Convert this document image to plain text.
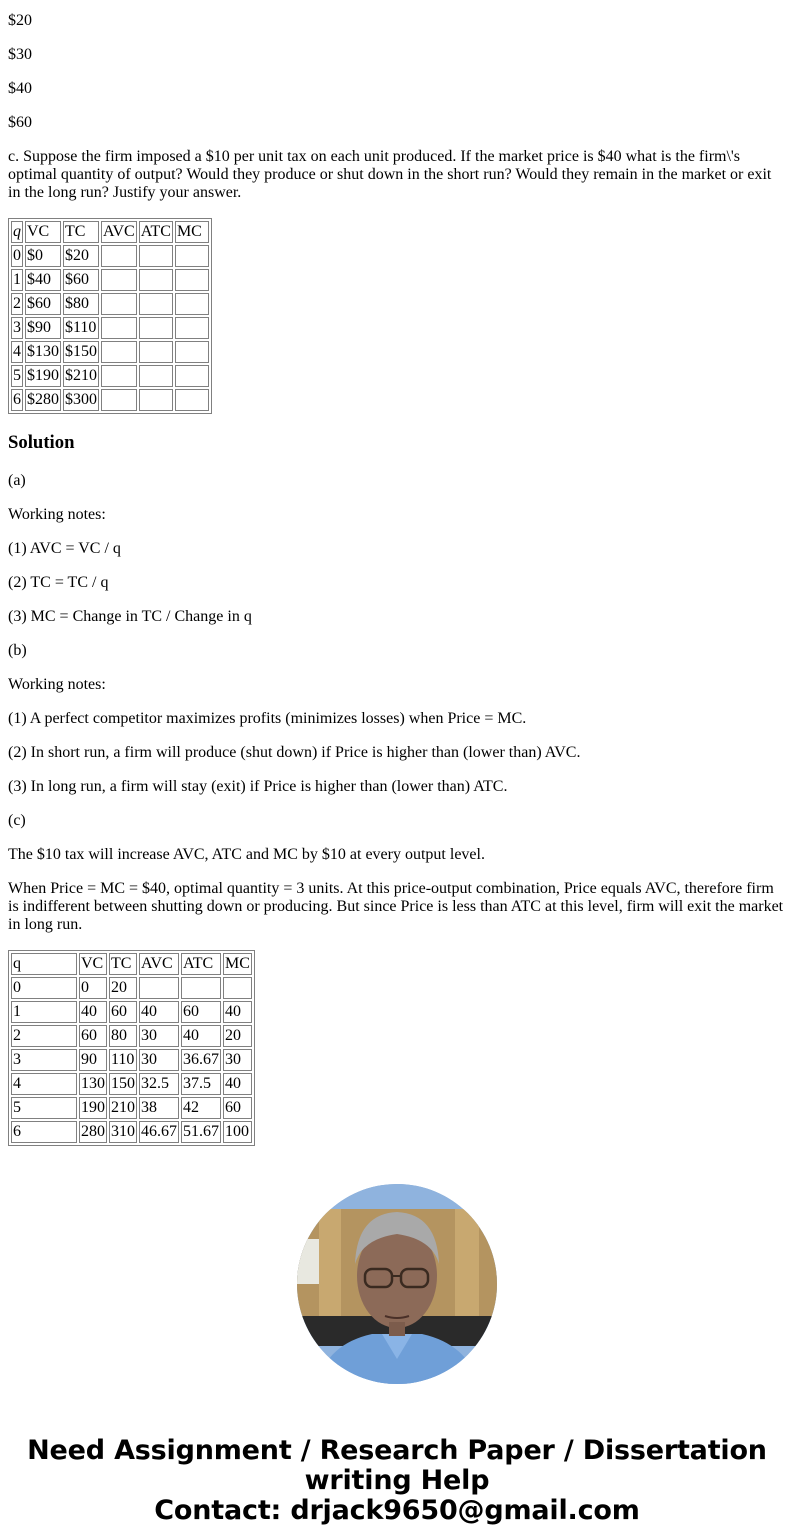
$20

$30

$40

$60

c. Suppose the firm imposed a $10 per unit tax on each unit produced. If the market price is $40 what is the firm\'s optimal quantity of output? Would they produce or shut down in the short run? Would they remain in the market or exit in the long run? Justify your answer.

q	VC	TC	AVC	ATC	MC
0	$0	$20			
1	$40	$60			
2	$60	$80			
3	$90	$110			
4	$130	$150			
5	$190	$210			
6	$280	$300			
Solution

(a)

Working notes:

(1) AVC = VC / q

(2) TC = TC / q

(3) MC = Change in TC / Change in q

(b)

Working notes:

(1) A perfect competitor maximizes profits (minimizes losses) when Price = MC.

(2) In short run, a firm will produce (shut down) if Price is higher than (lower than) AVC.

(3) In long run, a firm will stay (exit) if Price is higher than (lower than) ATC.

(c)

The $10 tax will increase AVC, ATC and MC by $10 at every output level.

When Price = MC = $40, optimal quantity = 3 units. At this price-output combination, Price equals AVC, therefore firm is indifferent between shutting down or producing. But since Price is less than ATC at this level, firm will exit the market in long run.

q	VC	TC	AVC	ATC	MC
0	0	20			
1	40	60	40	60	40
2	60	80	30	40	20
3	90	110	30	36.67	30
4	130	150	32.5	37.5	40
5	190	210	38	42	60
6	280	310	46.67	51.67	100
Need Assignment / Research Paper / Dissertation
writing Help
Contact: drjack9650@gmail.com
